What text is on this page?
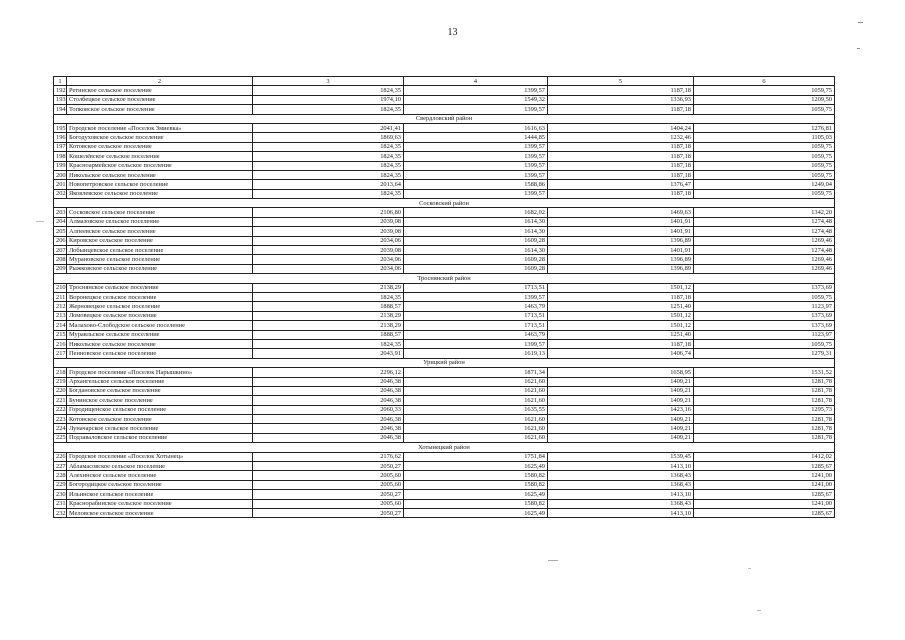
13
1	2	3	4	5	6
192	Ретинское сельское поселение	1824,35	1399,57	1187,18	1059,75
193	Столбецкое сельское поселение	1974,10	1549,32	1336,93	1209,50
194	Топковское сельское поселение	1824,35	1399,57	1187,18	1059,75
Свердловский район					
195	Городское поселение «Поселок Змиевка»	2041,41	1616,63	1404,24	1276,81
196	Богодуховское сельское поселение	1869,63	1444,85	1232,46	1105,03
197	Котовское сельское поселение	1824,35	1399,57	1187,18	1059,75
198	Кошелёвское сельское поселение	1824,35	1399,57	1187,18	1059,75
199	Красноармейское сельское поселение	1824,35	1399,57	1187,18	1059,75
200	Никольское сельское поселение	1824,35	1399,57	1187,18	1059,75
201	Новопетровское сельское поселение	2013,64	1588,86	1376,47	1249,04
202	Яковлевское сельское поселение	1824,35	1399,57	1187,18	1059,75
Сосковский район					
203	Сосковское сельское поселение	2106,80	1682,02	1469,63	1342,20
204	Алмазовское сельское поселение	2039,08	1614,30	1401,91	1274,48
205	Алпеевское сельское поселение	2039,08	1614,30	1401,91	1274,48
206	Кировское сельское поселение	2034,06	1609,28	1396,89	1269,46
207	Лобынцевское сельское поселение	2039,08	1614,30	1401,91	1274,48
208	Мурановское сельское поселение	2034,06	1609,28	1396,89	1269,46
209	Рыжковское сельское поселение	2034,06	1609,28	1396,89	1269,46
Троснянский район					
210	Троснянское сельское поселение	2138,29	1713,51	1501,12	1373,69
211	Воронецкое сельское поселение	1824,35	1399,57	1187,18	1059,75
212	Жерновецкое сельское поселение	1888,57	1463,79	1251,40	1123,97
213	Ломовецкое сельское поселение	2138,29	1713,51	1501,12	1373,69
214	Малахово-Слободское сельское поселение	2138,29	1713,51	1501,12	1373,69
215	Муравльское сельское поселение	1888,57	1463,79	1251,40	1123,97
216	Никольское сельское поселение	1824,35	1399,57	1187,18	1059,75
217	Пенновское сельское поселение	2043,91	1619,13	1406,74	1279,31
Урицкий район					
218	Городское поселение «Поселок Нарышкино»	2296,12	1871,34	1658,95	1531,52
219	Архангельское сельское поселение	2046,38	1621,60	1409,21	1281,78
220	Богдановское сельское поселение	2046,38	1621,60	1409,21	1281,78
221	Бунинское сельское поселение	2046,38	1621,60	1409,21	1281,78
222	Городищенское сельское поселение	2060,33	1635,55	1423,16	1295,73
223	Котовское сельское поселение	2046,38	1621,60	1409,21	1281,78
224	Луначарское сельское поселение	2046,38	1621,60	1409,21	1281,78
225	Подзаваловское сельское поселение	2046,38	1621,60	1409,21	1281,78
Хотынецкий район					
226	Городское поселение «Поселок Хотынец»	2176,62	1751,84	1539,45	1412,02
227	Абламасовское сельское поселение	2050,27	1625,49	1413,10	1285,67
228	Алехинское сельское поселение	2005,60	1580,82	1368,43	1241,00
229	Богородицкое сельское поселение	2005,60	1580,82	1368,43	1241,00
230	Ильинское сельское поселение	2050,27	1625,49	1413,10	1285,67
231	Краснорабинское сельское поселение	2005,60	1580,82	1368,43	1241,00
232	Меловское сельское поселение	2050,27	1625,49	1413,10	1285,67
